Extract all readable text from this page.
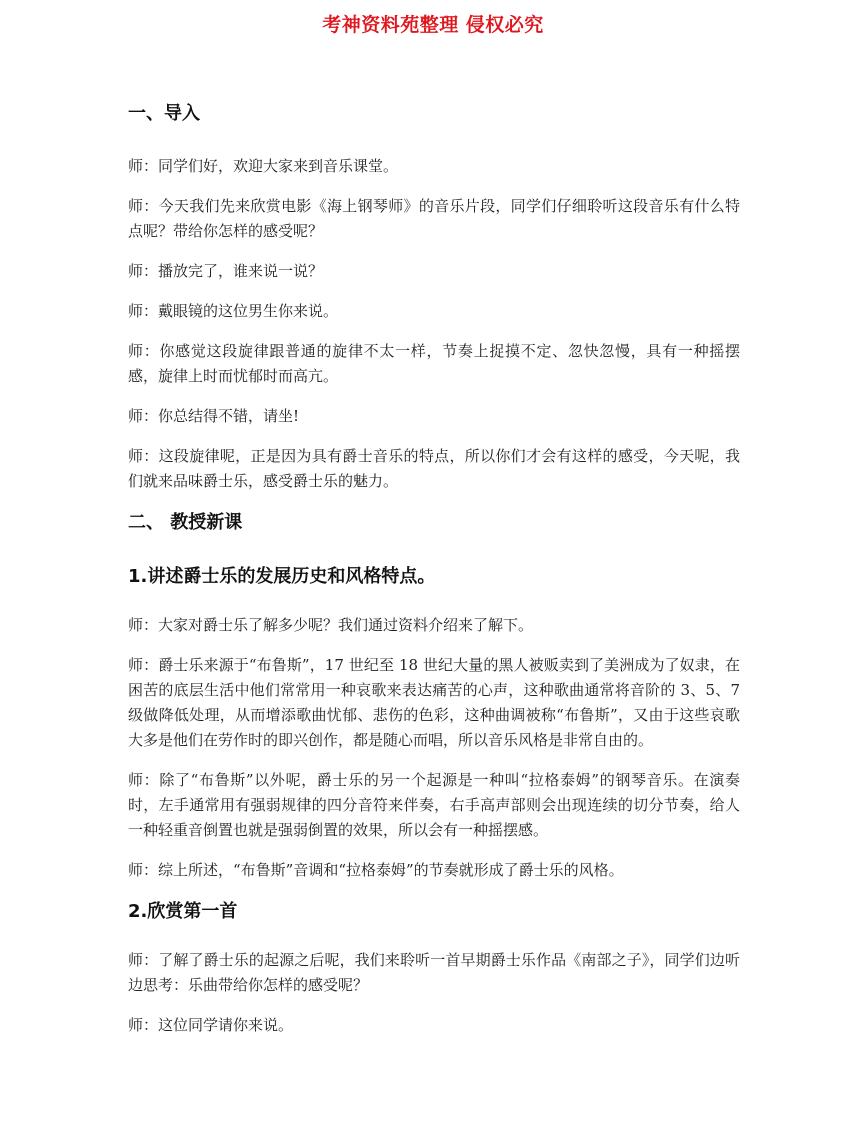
考神资料苑整理 侵权必究
一、导入

师：同学们好，欢迎大家来到音乐课堂。

师：今天我们先来欣赏电影《海上钢琴师》的音乐片段，同学们仔细聆听这段音乐有什么特点呢？带给你怎样的感受呢？

师：播放完了，谁来说一说？

师：戴眼镜的这位男生你来说。

师：你感觉这段旋律跟普通的旋律不太一样，节奏上捉摸不定、忽快忽慢，具有一种摇摆感，旋律上时而忧郁时而高亢。

师：你总结得不错，请坐!

师：这段旋律呢，正是因为具有爵士音乐的特点，所以你们才会有这样的感受，今天呢，我们就来品味爵士乐，感受爵士乐的魅力。

二、 教授新课
1.讲述爵士乐的发展历史和风格特点。

师：大家对爵士乐了解多少呢？我们通过资料介绍来了解下。

师：爵士乐来源于“布鲁斯”，17 世纪至 18 世纪大量的黑人被贩卖到了美洲成为了奴隶，在困苦的底层生活中他们常常用一种哀歌来表达痛苦的心声，这种歌曲通常将音阶的 3、5、7 级做降低处理，从而增添歌曲忧郁、悲伤的色彩，这种曲调被称“布鲁斯”，又由于这些哀歌大多是他们在劳作时的即兴创作，都是随心而唱，所以音乐风格是非常自由的。

师：除了“布鲁斯”以外呢，爵士乐的另一个起源是一种叫“拉格泰姆”的钢琴音乐。在演奏时，左手通常用有强弱规律的四分音符来伴奏，右手高声部则会出现连续的切分节奏，给人一种轻重音倒置也就是强弱倒置的效果，所以会有一种摇摆感。

师：综上所述，“布鲁斯”音调和“拉格泰姆”的节奏就形成了爵士乐的风格。

2.欣赏第一首

师：了解了爵士乐的起源之后呢，我们来聆听一首早期爵士乐作品《南部之子》，同学们边听边思考：乐曲带给你怎样的感受呢？

师：这位同学请你来说。
